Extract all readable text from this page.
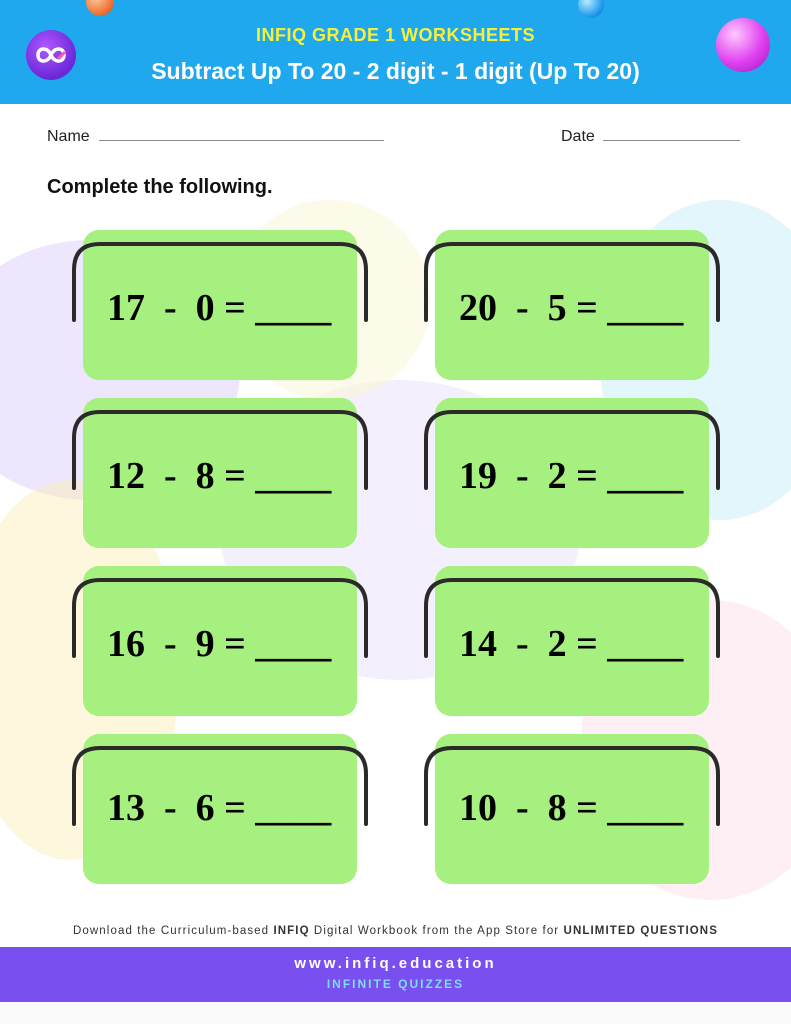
INFIQ GRADE 1 WORKSHEETS
Subtract Up To 20 - 2 digit - 1 digit (Up To 20)
Name	Date
Complete the following.
17  -  0 = ____	20  -  5 = ____
12  -  8 = ____	19  -  2 = ____
16  -  9 = ____	14  -  2 = ____
13  -  6 = ____	10  -  8 = ____
Download the Curriculum-based INFIQ Digital Workbook from the App Store for UNLIMITED QUESTIONS
www.infiq.education
INFINITE QUIZZES
